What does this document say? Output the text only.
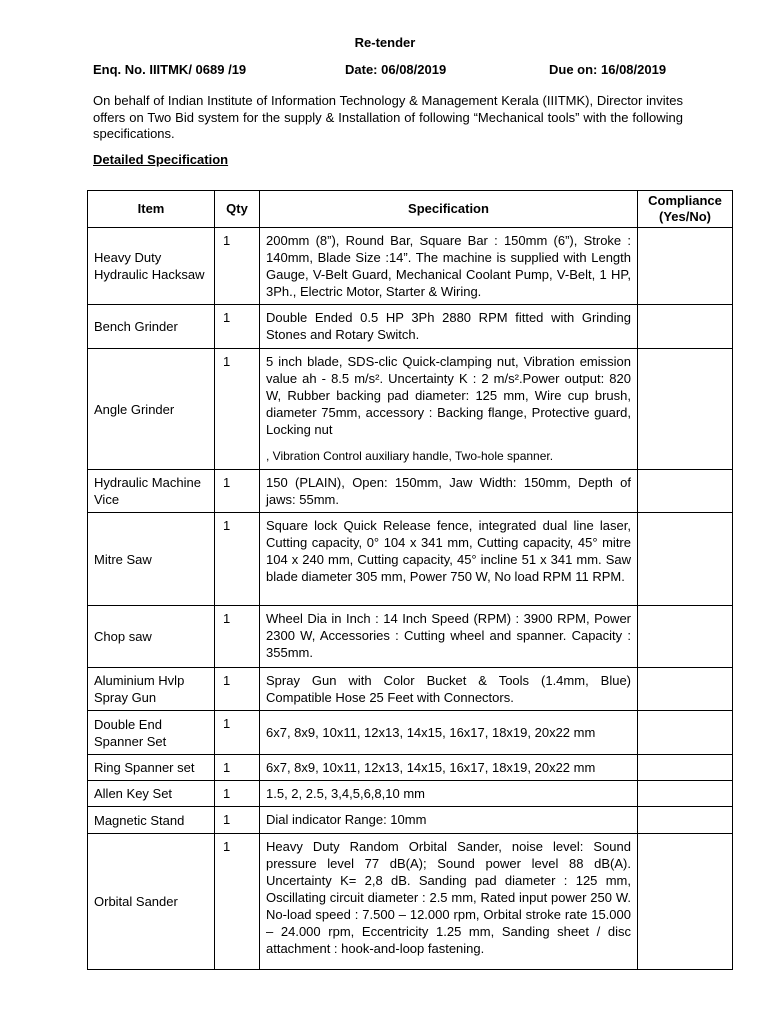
Re-tender
Enq. No. IIITMK/ 0689 /19	Date: 06/08/2019	Due on: 16/08/2019

On behalf of Indian Institute of Information Technology & Management Kerala (IIITMK), Director invites offers on Two Bid system for the supply & Installation of following “Mechanical tools” with the following specifications.

Detailed Specification
Item	Qty	Specification	Compliance
(Yes/No)
Heavy Duty Hydraulic Hacksaw	1	200mm (8”), Round Bar, Square Bar : 150mm (6”), Stroke : 140mm, Blade Size :14”. The machine is supplied with Length Gauge, V-Belt Guard, Mechanical Coolant Pump, V-Belt, 1 HP, 3Ph., Electric Motor, Starter & Wiring.	
Bench Grinder	1	Double Ended 0.5 HP 3Ph 2880 RPM fitted with Grinding Stones and Rotary Switch.	
Angle Grinder	1	5 inch blade, SDS-clic Quick-clamping nut, Vibration emission value ah - 8.5 m/s². Uncertainty K : 2 m/s².Power output: 820 W, Rubber backing pad diameter: 125 mm, Wire cup brush, diameter 75mm, accessory : Backing flange, Protective guard, Locking nut
, Vibration Control auxiliary handle, Two-hole spanner.	
Hydraulic Machine Vice	1	150 (PLAIN), Open: 150mm, Jaw Width: 150mm, Depth of jaws: 55mm.	
Mitre Saw	1	Square lock Quick Release fence, integrated dual line laser, Cutting capacity, 0° 104 x 341 mm, Cutting capacity, 45° mitre 104 x 240 mm, Cutting capacity, 45° incline 51 x 341 mm. Saw blade diameter 305 mm, Power 750 W, No load RPM 11 RPM.	
Chop saw	1	Wheel Dia in Inch : 14 Inch Speed (RPM) : 3900 RPM, Power 2300 W, Accessories : Cutting wheel and spanner. Capacity : 355mm.	
Aluminium Hvlp Spray Gun	1	Spray Gun with Color Bucket & Tools (1.4mm, Blue) Compatible Hose 25 Feet with Connectors.	
Double End Spanner Set	1	6x7, 8x9, 10x11, 12x13, 14x15, 16x17, 18x19, 20x22 mm	
Ring Spanner set	1	6x7, 8x9, 10x11, 12x13, 14x15, 16x17, 18x19, 20x22 mm	
Allen Key Set	1	1.5, 2, 2.5, 3,4,5,6,8,10 mm	
Magnetic Stand	1	Dial indicator Range: 10mm	
Orbital Sander	1	Heavy Duty Random Orbital Sander, noise level: Sound pressure level 77 dB(A); Sound power level 88 dB(A). Uncertainty K= 2,8 dB. Sanding pad diameter : 125 mm, Oscillating circuit diameter : 2.5 mm, Rated input power 250 W. No-load speed : 7.500 – 12.000 rpm, Orbital stroke rate 15.000 – 24.000 rpm, Eccentricity 1.25 mm, Sanding sheet / disc attachment : hook-and-loop fastening.	
